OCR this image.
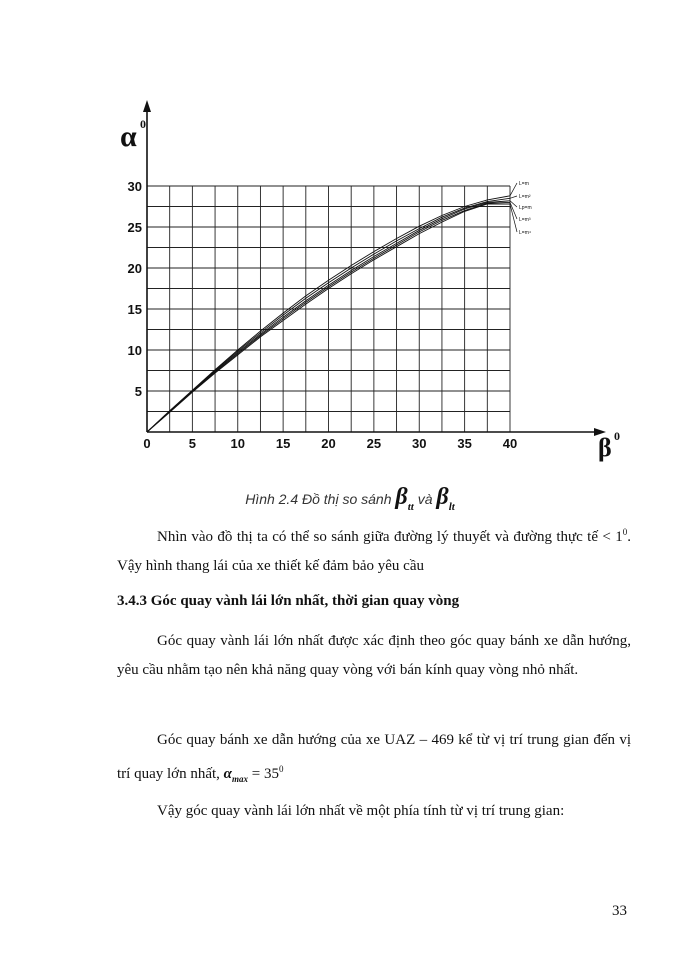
α 0
β 0
0	5	10 15 20 25 30 35 40
5
10
15
20
25
30	L=m
L=m²
Lp=m
L=m³
L=m⁴
Hình 2.4 Đồ thị so sánh $\beta_{tt}$ và $\beta_{lt}$

Nhìn vào đồ thị ta có thể so sánh giữa đường lý thuyết và đường thực tế < $1^0$. Vậy hình thang lái của xe thiết kế đảm bảo yêu cầu

3.4.3 Góc quay vành lái lớn nhất, thời gian quay vòng

Góc quay vành lái lớn nhất được xác định theo góc quay bánh xe dẫn hướng, yêu cầu nhằm tạo nên khả năng quay vòng với bán kính quay vòng nhỏ nhất.

Góc quay bánh xe dẫn hướng của xe UAZ – 469 kể từ vị trí trung gian đến vị trí quay lớn nhất, $\alpha_{max} = 35^0$

Vậy góc quay vành lái lớn nhất về một phía tính từ vị trí trung gian:

33
